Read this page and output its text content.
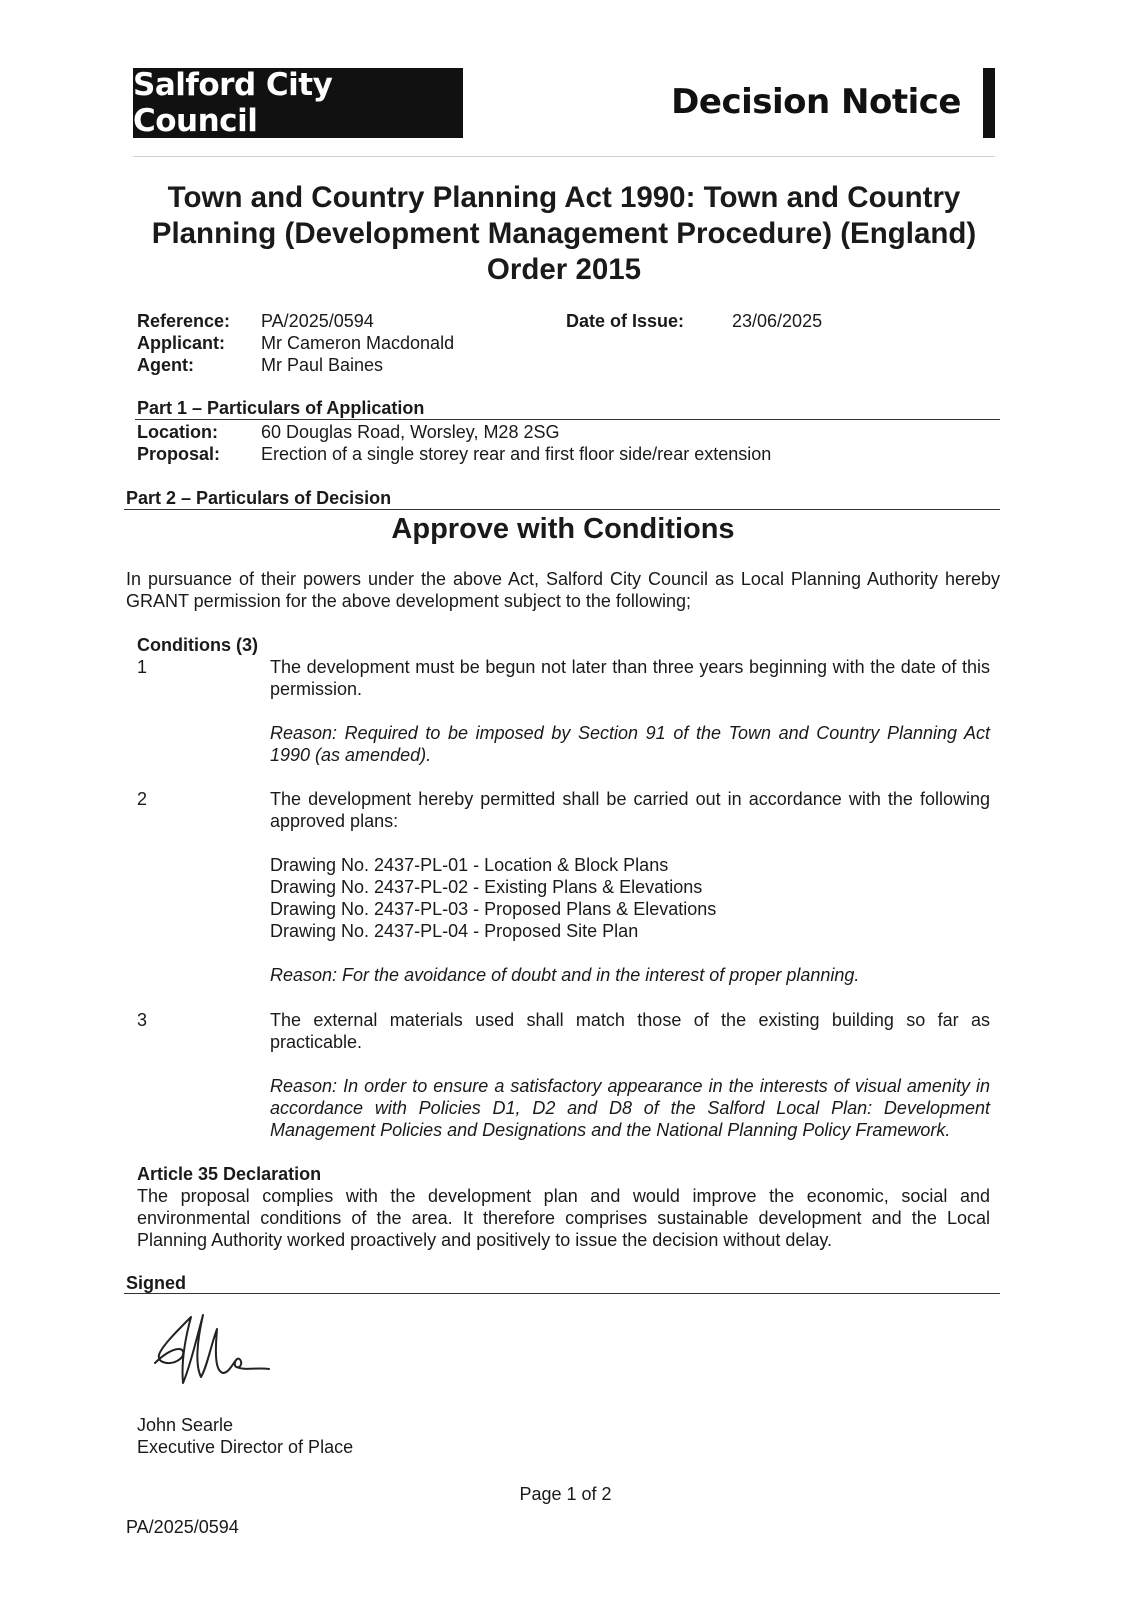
Salford City Council	Decision Notice
Town and Country Planning Act 1990: Town and Country Planning (Development Management Procedure) (England) Order 2015
Reference: PA/2025/0594	Date of Issue:	23/06/2025
Applicant: Mr Cameron Macdonald
Agent:	Mr Paul Baines
Part 1 – Particulars of Application
Location: 60 Douglas Road, Worsley, M28 2SG
Proposal: Erection of a single storey rear and first floor side/rear extension
Part 2 – Particulars of Decision
Approve with Conditions
In pursuance of their powers under the above Act, Salford City Council as Local Planning Authority hereby GRANT permission for the above development subject to the following;
Conditions (3)
1	The development must be begun not later than three years beginning with the date of this permission.
Reason: Required to be imposed by Section 91 of the Town and Country Planning Act 1990 (as amended).
2	The development hereby permitted shall be carried out in accordance with the following approved plans:
Drawing No. 2437-PL-01 - Location & Block Plans
Drawing No. 2437-PL-02 - Existing Plans & Elevations
Drawing No. 2437-PL-03 - Proposed Plans & Elevations
Drawing No. 2437-PL-04 - Proposed Site Plan
Reason: For the avoidance of doubt and in the interest of proper planning.
3	The external materials used shall match those of the existing building so far as practicable.
Reason: In order to ensure a satisfactory appearance in the interests of visual amenity in accordance with Policies D1, D2 and D8 of the Salford Local Plan: Development Management Policies and Designations and the National Planning Policy Framework.
Article 35 Declaration
The proposal complies with the development plan and would improve the economic, social and environmental conditions of the area. It therefore comprises sustainable development and the Local Planning Authority worked proactively and positively to issue the decision without delay.
Signed
John Searle
Executive Director of Place
Page 1 of 2
PA/2025/0594
